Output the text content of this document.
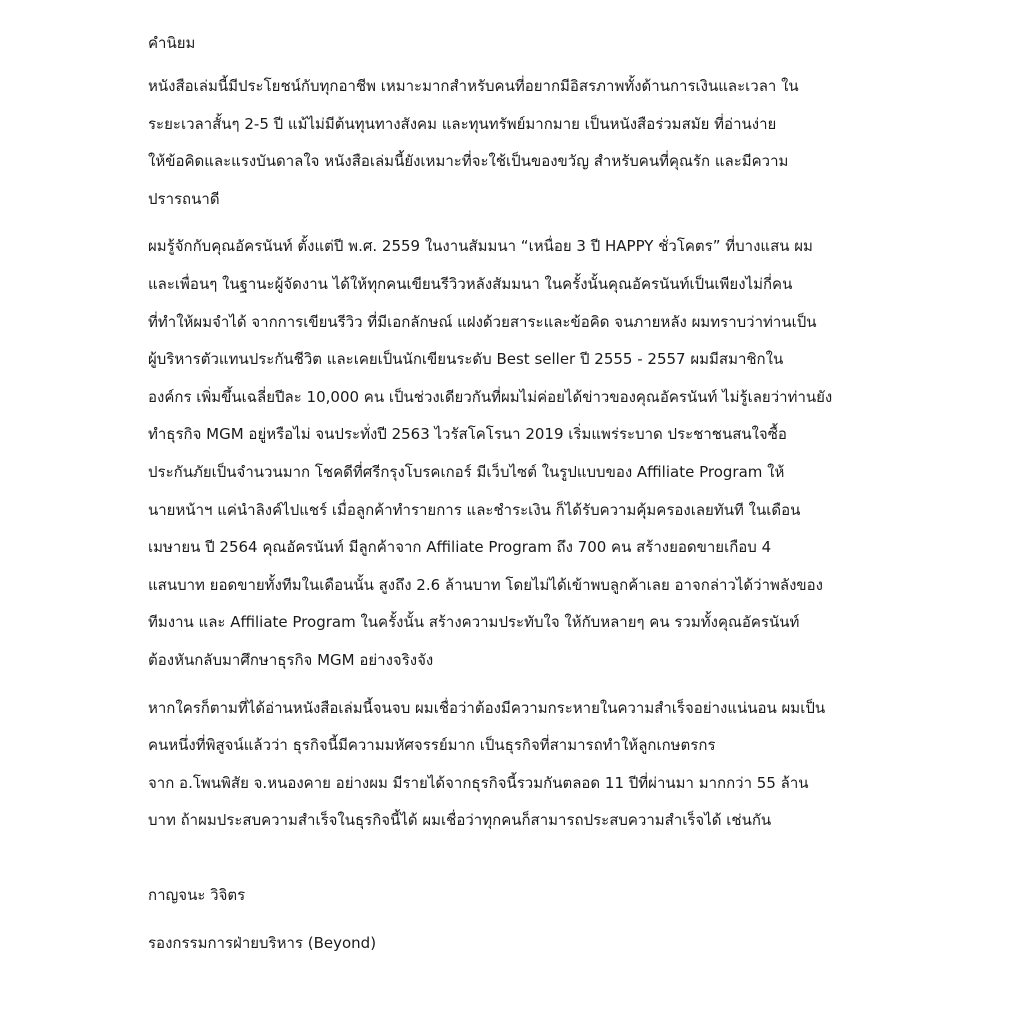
คำนิยม
หนังสือเล่มนี้มีประโยชน์กับทุกอาชีพ เหมาะมากสำหรับคนที่อยากมีอิสรภาพทั้งด้านการเงินและเวลา ใน
ระยะเวลาสั้นๆ 2-5 ปี แม้ไม่มีต้นทุนทางสังคม และทุนทรัพย์มากมาย เป็นหนังสือร่วมสมัย ที่อ่านง่าย
ให้ข้อคิดและแรงบันดาลใจ หนังสือเล่มนี้ยังเหมาะที่จะใช้เป็นของขวัญ สำหรับคนที่คุณรัก และมีความ
ปรารถนาดี
ผมรู้จักกับคุณอัครนันท์ ตั้งแต่ปี พ.ศ. 2559 ในงานสัมมนา “เหนื่อย 3 ปี HAPPY ชั่วโคตร” ที่บางแสน ผม
และเพื่อนๆ ในฐานะผู้จัดงาน ได้ให้ทุกคนเขียนรีวิวหลังสัมมนา ในครั้งนั้นคุณอัครนันท์เป็นเพียงไม่กี่คน
ที่ทำให้ผมจำได้ จากการเขียนรีวิว ที่มีเอกลักษณ์ แฝงด้วยสาระและข้อคิด จนภายหลัง ผมทราบว่าท่านเป็น
ผู้บริหารตัวแทนประกันชีวิต และเคยเป็นนักเขียนระดับ Best seller ปี 2555 - 2557 ผมมีสมาชิกใน
องค์กร เพิ่มขึ้นเฉลี่ยปีละ 10,000 คน เป็นช่วงเดียวกันที่ผมไม่ค่อยได้ข่าวของคุณอัครนันท์ ไม่รู้เลยว่าท่านยัง
ทำธุรกิจ MGM อยู่หรือไม่ จนประทั่งปี 2563 ไวรัสโคโรนา 2019 เริ่มแพร่ระบาด ประชาชนสนใจซื้อ
ประกันภัยเป็นจำนวนมาก โชคดีที่ศรีกรุงโบรคเกอร์ มีเว็บไซต์ ในรูปแบบของ Affiliate Program ให้
นายหน้าฯ แค่นำลิงค์ไปแชร์ เมื่อลูกค้าทำรายการ และชำระเงิน ก็ได้รับความคุ้มครองเลยทันที ในเดือน
เมษายน ปี 2564 คุณอัครนันท์ มีลูกค้าจาก Affiliate Program ถึง 700 คน สร้างยอดขายเกือบ 4
แสนบาท ยอดขายทั้งทีมในเดือนนั้น สูงถึง 2.6 ล้านบาท โดยไม่ได้เข้าพบลูกค้าเลย อาจกล่าวได้ว่าพลังของ
ทีมงาน และ Affiliate Program ในครั้งนั้น สร้างความประทับใจ ให้กับหลายๆ คน รวมทั้งคุณอัครนันท์
ต้องหันกลับมาศึกษาธุรกิจ MGM อย่างจริงจัง
หากใครก็ตามที่ได้อ่านหนังสือเล่มนี้จนจบ ผมเชื่อว่าต้องมีความกระหายในความสำเร็จอย่างแน่นอน ผมเป็น
คนหนึ่งที่พิสูจน์แล้วว่า ธุรกิจนี้มีความมหัศจรรย์มาก เป็นธุรกิจที่สามารถทำให้ลูกเกษตรกร
จาก อ.โพนพิสัย จ.หนองคาย อย่างผม มีรายได้จากธุรกิจนี้รวมกันตลอด 11 ปีที่ผ่านมา มากกว่า 55 ล้าน
บาท ถ้าผมประสบความสำเร็จในธุรกิจนี้ได้ ผมเชื่อว่าทุกคนก็สามารถประสบความสำเร็จได้ เช่นกัน
กาญจนะ วิจิตร
รองกรรมการฝ่ายบริหาร (Beyond)
